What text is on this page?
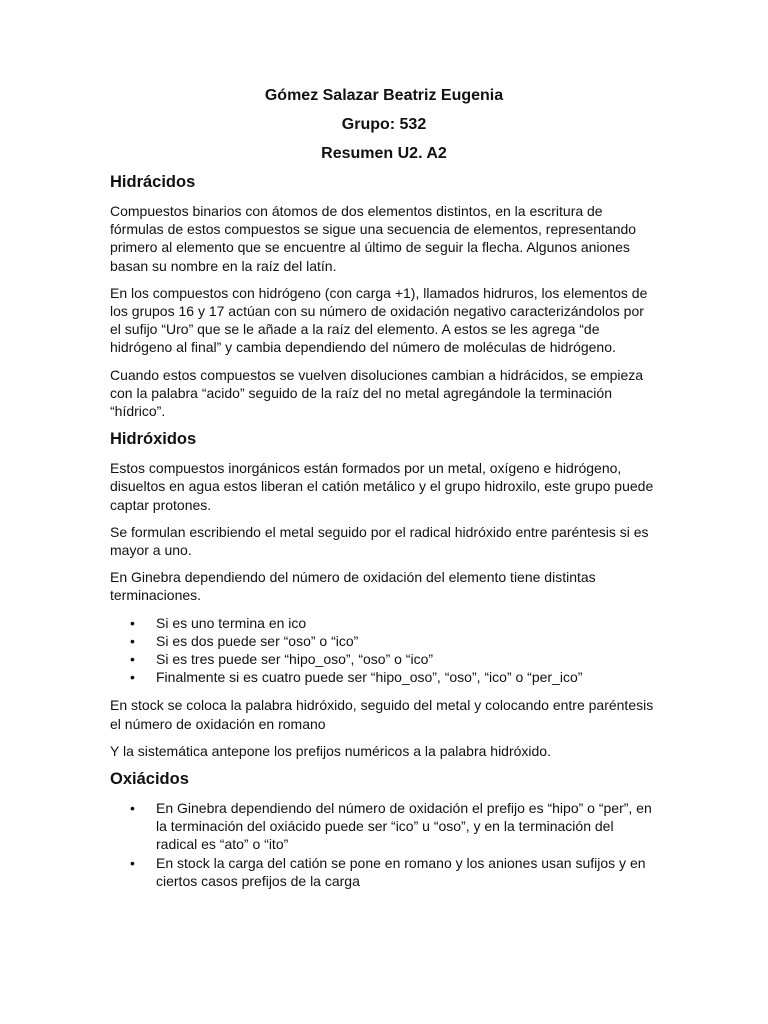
Gómez Salazar Beatriz Eugenia

Grupo: 532

Resumen U2. A2

Hidrácidos

Compuestos binarios con átomos de dos elementos distintos, en la escritura de fórmulas de estos compuestos se sigue una secuencia de elementos, representando primero al elemento que se encuentre al último de seguir la flecha. Algunos aniones basan su nombre en la raíz del latín.

En los compuestos con hidrógeno (con carga +1), llamados hidruros, los elementos de los grupos 16 y 17 actúan con su número de oxidación negativo caracterizándolos por el sufijo “Uro” que se le añade a la raíz del elemento. A estos se les agrega “de hidrógeno al final” y cambia dependiendo del número de moléculas de hidrógeno.

Cuando estos compuestos se vuelven disoluciones cambian a hidrácidos, se empieza con la palabra “acido” seguido de la raíz del no metal agregándole la terminación “hídrico”.

Hidróxidos

Estos compuestos inorgánicos están formados por un metal, oxígeno e hidrógeno, disueltos en agua estos liberan el catión metálico y el grupo hidroxilo, este grupo puede captar protones.

Se formulan escribiendo el metal seguido por el radical hidróxido entre paréntesis si es mayor a uno.

En Ginebra dependiendo del número de oxidación del elemento tiene distintas terminaciones.

• Si es uno termina en ico
• Si es dos puede ser “oso” o “ico”
• Si es tres puede ser “hipo_oso”, “oso” o “ico”
• Finalmente si es cuatro puede ser “hipo_oso”, “oso”, “ico” o “per_ico”

En stock se coloca la palabra hidróxido, seguido del metal y colocando entre paréntesis el número de oxidación en romano

Y la sistemática antepone los prefijos numéricos a la palabra hidróxido.

Oxiácidos
• En Ginebra dependiendo del número de oxidación el prefijo es “hipo” o “per”, en la terminación del oxiácido puede ser “ico” u “oso”, y en la terminación del radical es “ato” o “ito”
• En stock la carga del catión se pone en romano y los aniones usan sufijos y en ciertos casos prefijos de la carga
